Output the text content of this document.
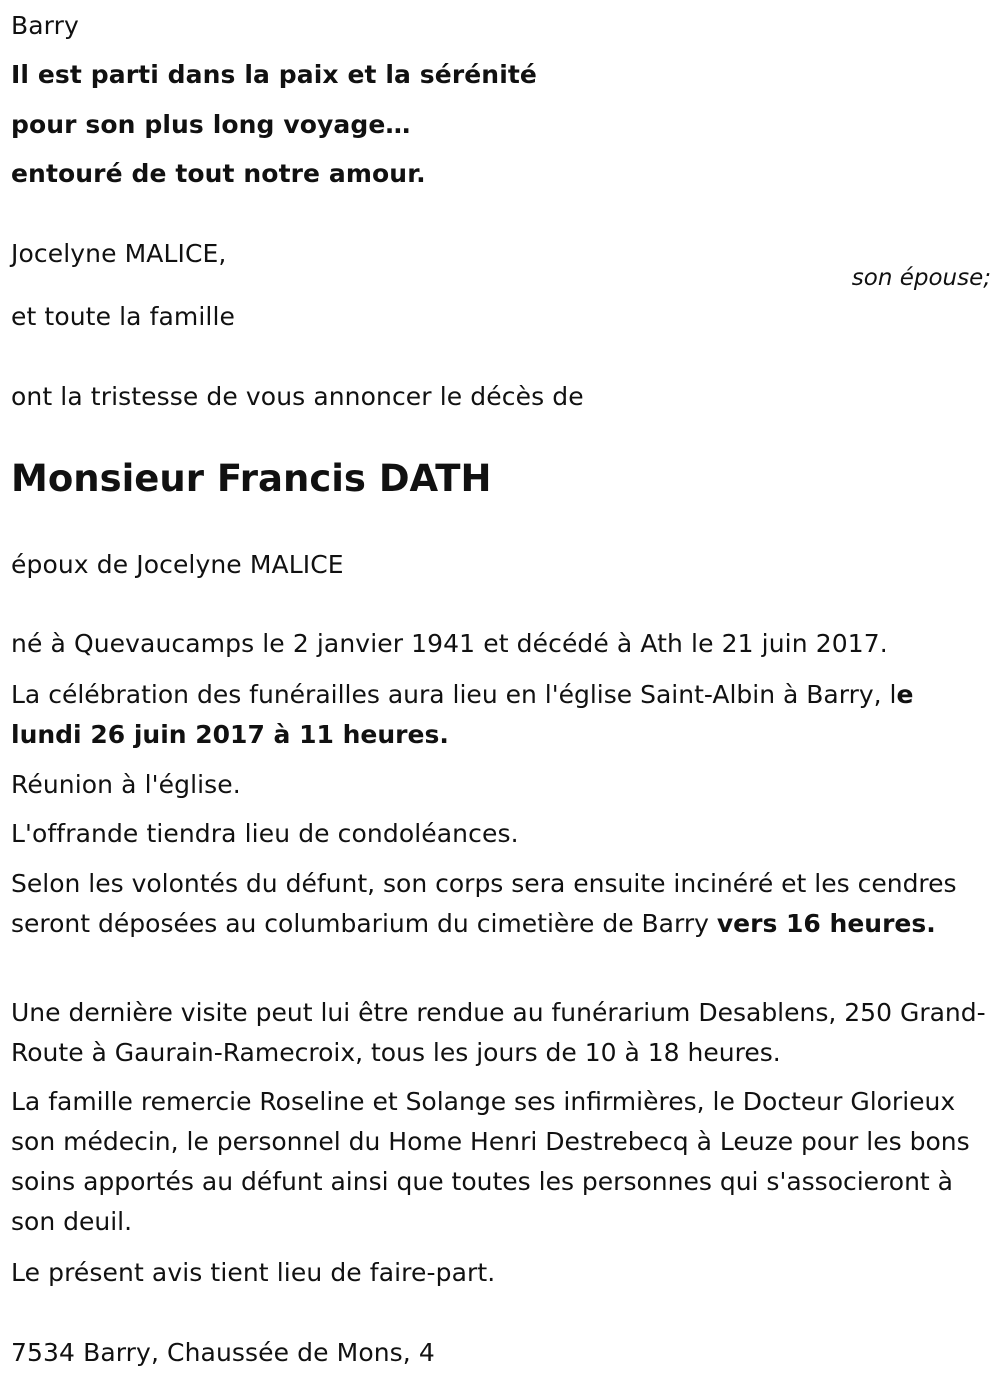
Barry
Il est parti dans la paix et la sérénité
pour son plus long voyage…
entouré de tout notre amour.
Jocelyne MALICE,
son épouse;
et toute la famille
ont la tristesse de vous annoncer le décès de
Monsieur Francis DATH
époux de Jocelyne MALICE
né à Quevaucamps le 2 janvier 1941 et décédé à Ath le 21 juin 2017.
La célébration des funérailles aura lieu en l'église Saint-Albin à Barry, le lundi 26 juin 2017 à 11 heures.
Réunion à l'église.
L'offrande tiendra lieu de condoléances.
Selon les volontés du défunt, son corps sera ensuite incinéré et les cendres seront déposées au columbarium du cimetière de Barry vers 16 heures.
Une dernière visite peut lui être rendue au funérarium Desablens, 250 Grand-Route à Gaurain-Ramecroix, tous les jours de 10 à 18 heures.
La famille remercie Roseline et Solange ses infirmières, le Docteur Glorieux son médecin, le personnel du Home Henri Destrebecq à Leuze pour les bons soins apportés au défunt ainsi que toutes les personnes qui s'associeront à son deuil.
Le présent avis tient lieu de faire-part.
7534 Barry, Chaussée de Mons, 4
